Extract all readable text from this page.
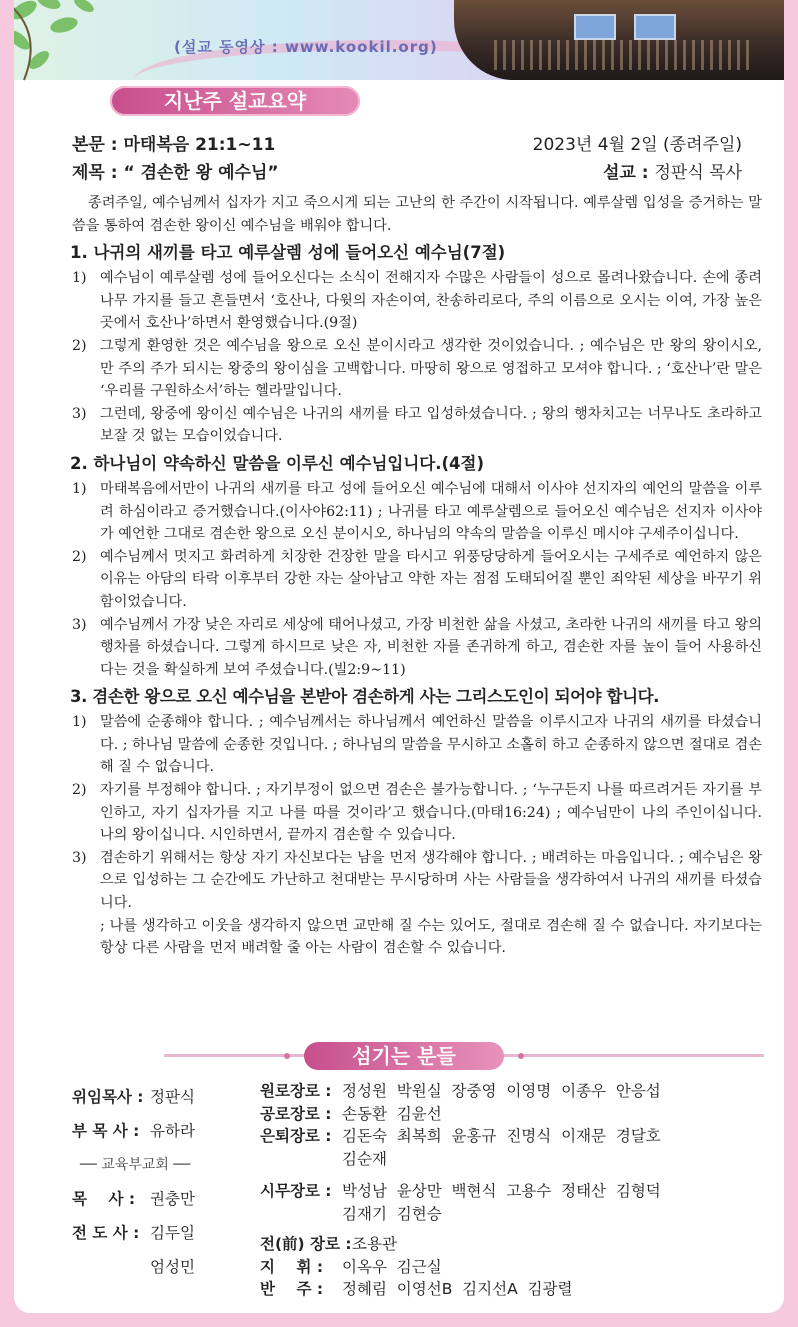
(설교 동영상 : www.kookil.org)
지난주 설교요약
본문 : 마태복음 21:1∼11
제목 : “ 겸손한 왕 예수님”
2023년 4월 2일 (종려주일)
설교 : 정판식 목사

종려주일, 예수님께서 십자가 지고 죽으시게 되는 고난의 한 주간이 시작됩니다. 예루살렘 입성을 증거하는 말씀을 통하여 겸손한 왕이신 예수님을 배워야 합니다.

1. 나귀의 새끼를 타고 예루살렘 성에 들어오신 예수님(7절)

1) 예수님이 예루살렘 성에 들어오신다는 소식이 전해지자 수많은 사람들이 성으로 몰려나왔습니다. 손에 종려나무 가지를 들고 흔들면서 ‘호산나, 다윗의 자손이여, 찬송하리로다, 주의 이름으로 오시는 이여, 가장 높은 곳에서 호산나’하면서 환영했습니다.(9절)

2) 그렇게 환영한 것은 예수님을 왕으로 오신 분이시라고 생각한 것이었습니다. ; 예수님은 만 왕의 왕이시오, 만 주의 주가 되시는 왕중의 왕이심을 고백합니다. 마땅히 왕으로 영접하고 모셔야 합니다. ; ‘호산나’란 말은 ‘우리를 구원하소서’하는 헬라말입니다.

3) 그런데, 왕중에 왕이신 예수님은 나귀의 새끼를 타고 입성하셨습니다. ; 왕의 행차치고는 너무나도 초라하고 보잘 것 없는 모습이었습니다.

2. 하나님이 약속하신 말씀을 이루신 예수님입니다.(4절)

1) 마태복음에서만이 나귀의 새끼를 타고 성에 들어오신 예수님에 대해서 이사야 선지자의 예언의 말씀을 이루려 하심이라고 증거했습니다.(이사야62:11) ; 나귀를 타고 예루살렘으로 들어오신 예수님은 선지자 이사야가 예언한 그대로 겸손한 왕으로 오신 분이시오, 하나님의 약속의 말씀을 이루신 메시야 구세주이십니다.

2) 예수님께서 멋지고 화려하게 치장한 건장한 말을 타시고 위풍당당하게 들어오시는 구세주로 예언하지 않은 이유는 아담의 타락 이후부터 강한 자는 살아남고 약한 자는 점점 도태되어질 뿐인 죄악된 세상을 바꾸기 위함이었습니다.

3) 예수님께서 가장 낮은 자리로 세상에 태어나셨고, 가장 비천한 삶을 사셨고, 초라한 나귀의 새끼를 타고 왕의 행차를 하셨습니다. 그렇게 하시므로 낮은 자, 비천한 자를 존귀하게 하고, 겸손한 자를 높이 들어 사용하신다는 것을 확실하게 보여 주셨습니다.(빌2:9∼11)

3. 겸손한 왕으로 오신 예수님을 본받아 겸손하게 사는 그리스도인이 되어야 합니다.

1) 말씀에 순종해야 합니다. ; 예수님께서는 하나님께서 예언하신 말씀을 이루시고자 나귀의 새끼를 타셨습니다. ; 하나님 말씀에 순종한 것입니다. ; 하나님의 말씀을 무시하고 소홀히 하고 순종하지 않으면 절대로 겸손해 질 수 없습니다.

2) 자기를 부정해야 합니다. ; 자기부정이 없으면 겸손은 불가능합니다. ; ‘누구든지 나를 따르려거든 자기를 부인하고, 자기 십자가를 지고 나를 따를 것이라’고 했습니다.(마태16:24) ; 예수님만이 나의 주인이십니다. 나의 왕이십니다. 시인하면서, 끝까지 겸손할 수 있습니다.

3) 겸손하기 위해서는 항상 자기 자신보다는 남을 먼저 생각해야 합니다. ; 배려하는 마음입니다. ; 예수님은 왕으로 입성하는 그 순간에도 가난하고 천대받는 무시당하며 사는 사람들을 생각하여서 나귀의 새끼를 타셨습니다.
; 나를 생각하고 이웃을 생각하지 않으면 교만해 질 수는 있어도, 절대로 겸손해 질 수 없습니다. 자기보다는 항상 다른 사람을 먼저 배려할 줄 아는 사람이 겸손할 수 있습니다.

섬기는 분들
위임목사 : 정판식
부 목 사 : 유하라
── 교육부교회 ──
목    사 : 권충만
전 도 사 : 김두일
엄성민
원로장로 : 정성원  박원실  장중영  이영명  이종우  안응섭
공로장로 : 손동환  김윤선
은퇴장로 : 김돈숙  최복희  윤홍규  진명식  이재문  경달호
김순재
시무장로 : 박성남  윤상만  백현식  고용수  정태산  김형덕
김재기  김현승
전(前) 장로 : 조용관
지    휘 :	이옥우  김근실
반    주 :	정혜림  이영선B  김지선A  김광렬
